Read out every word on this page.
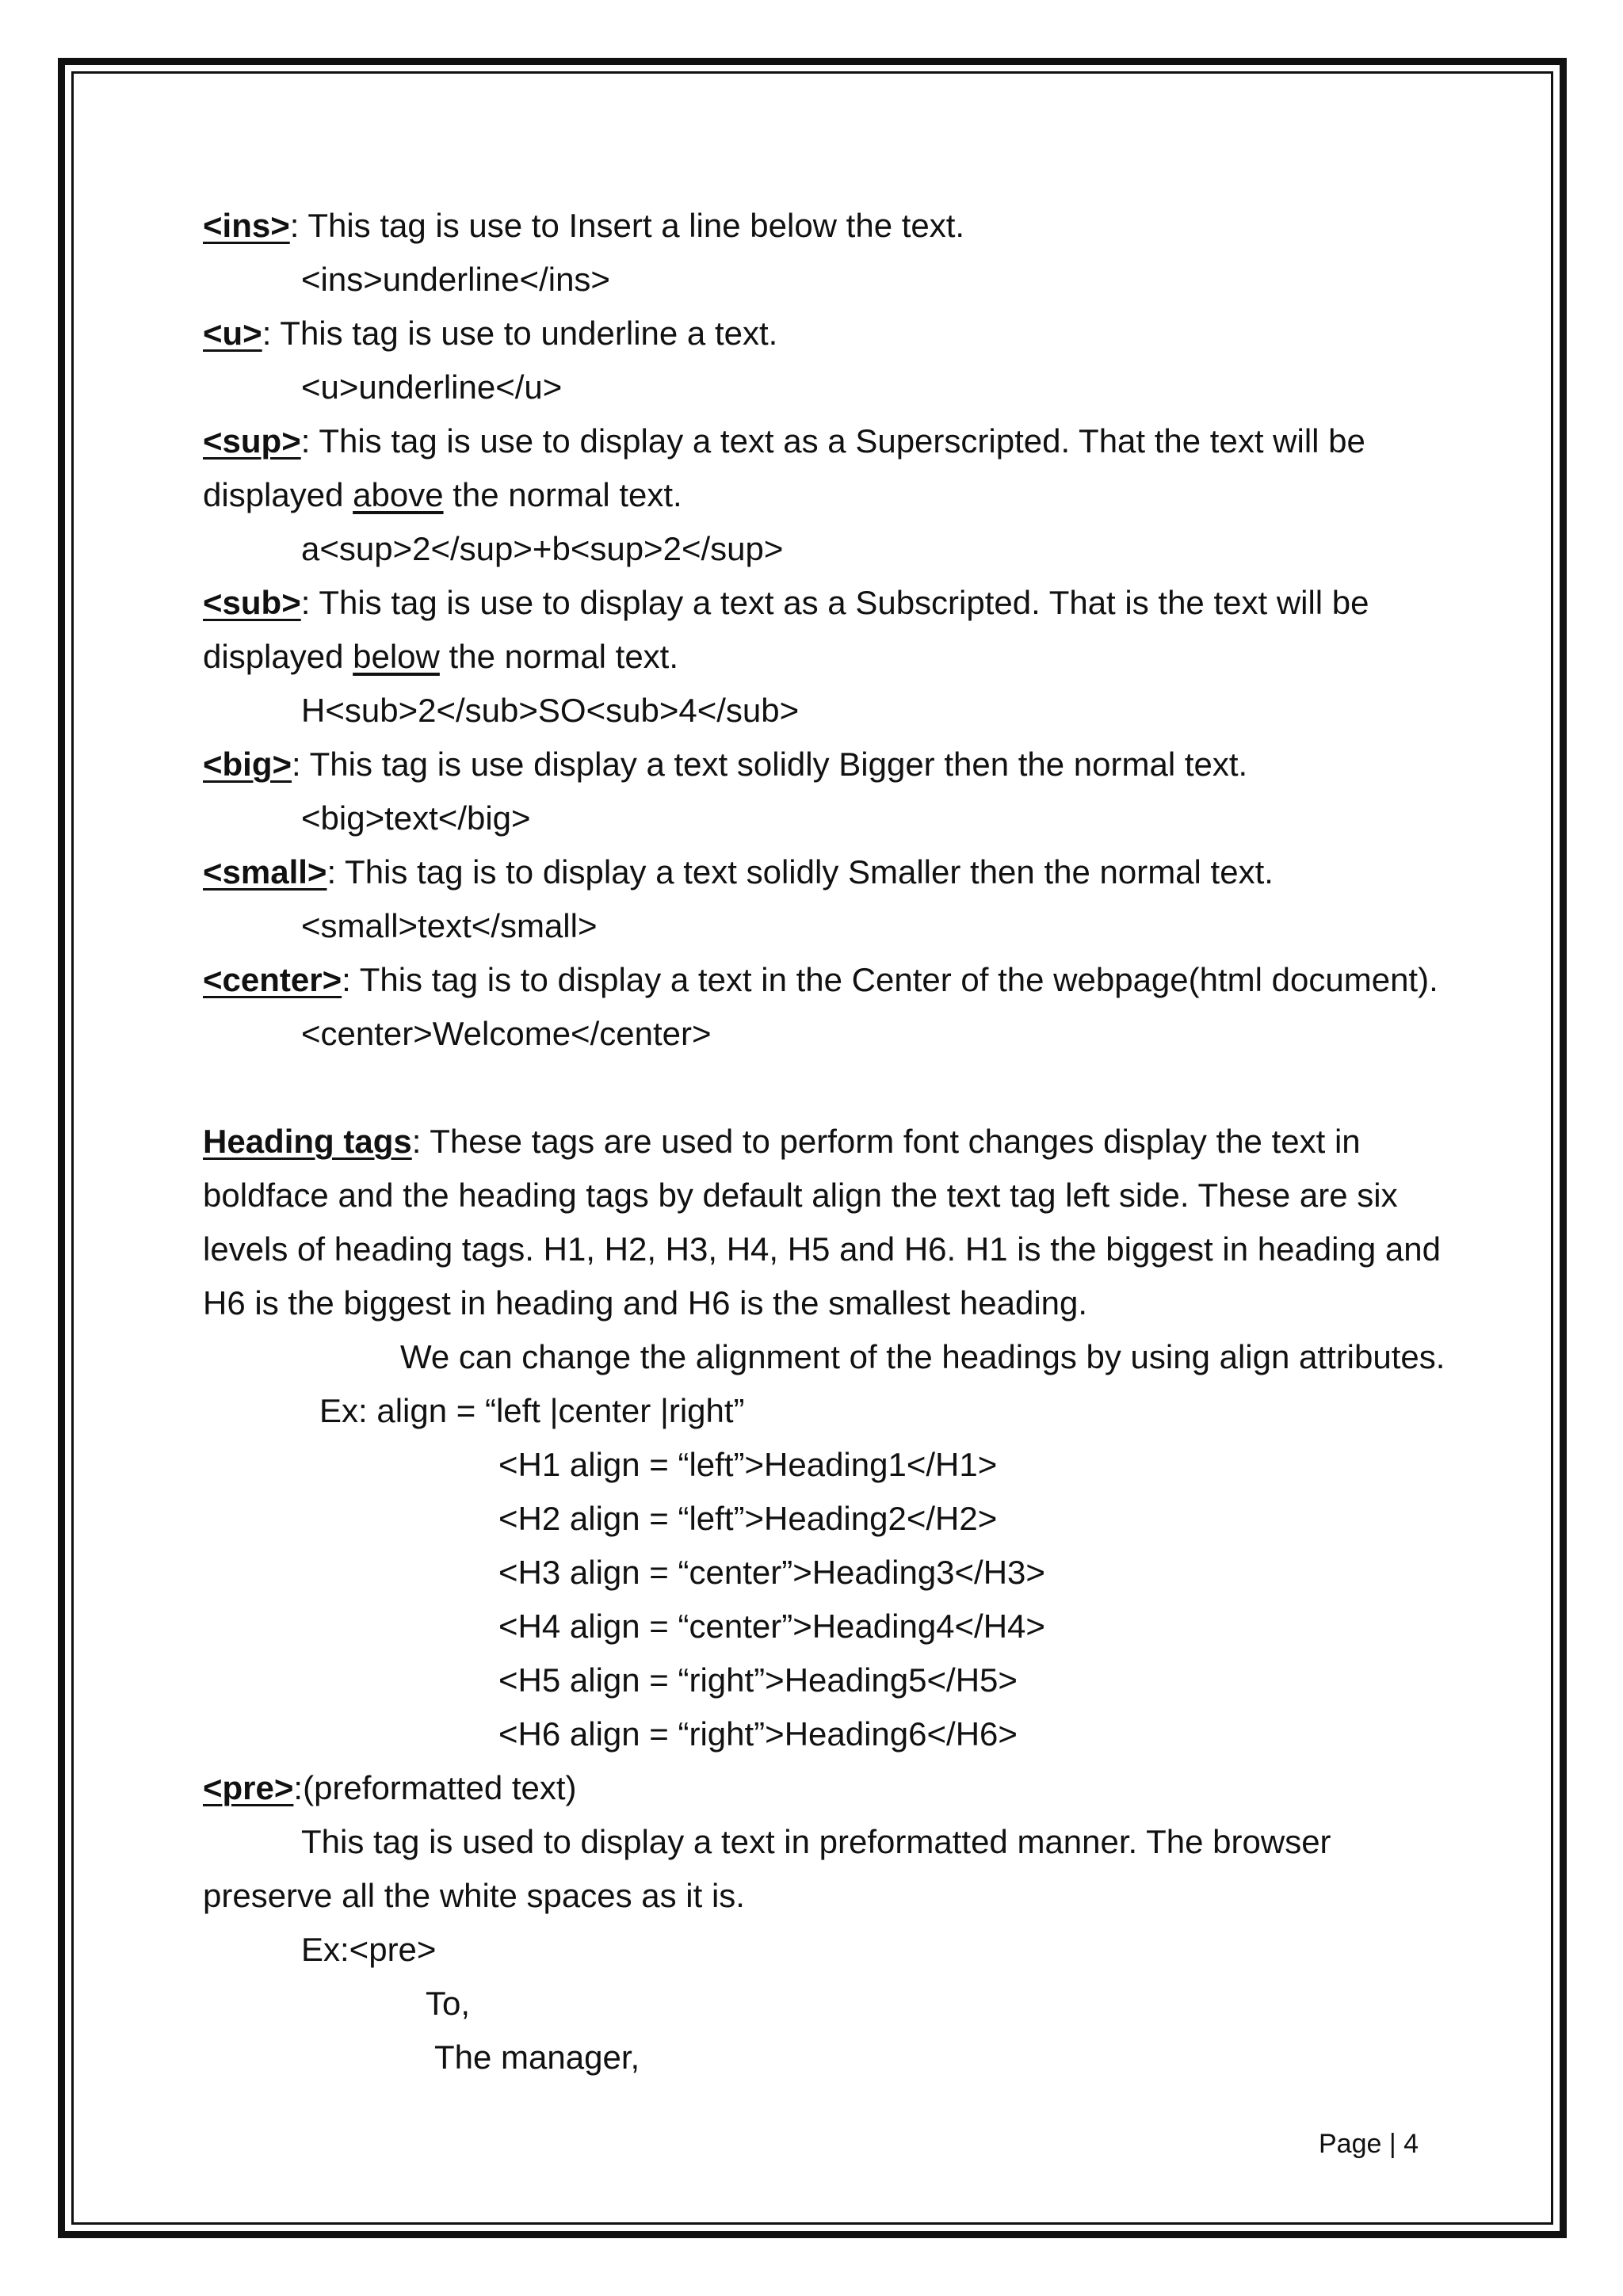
<ins>: This tag is use to Insert a line below the text.
<ins>underline</ins>
<u>: This tag is use to underline a text.
<u>underline</u>
<sup>: This tag is use to display a text as a Superscripted. That the text will be
displayed above the normal text.
a<sup>2</sup>+b<sup>2</sup>
<sub>: This tag is use to display a text as a Subscripted. That is the text will be
displayed below the normal text.
H<sub>2</sub>SO<sub>4</sub>
<big>: This tag is use display a text solidly Bigger then the normal text.
<big>text</big>
<small>: This tag is to display a text solidly Smaller then the normal text.
<small>text</small>
<center>: This tag is to display a text in the Center of the webpage(html document).
<center>Welcome</center>
Heading tags: These tags are used to perform font changes display the text in
boldface and the heading tags by default align the text tag left side. These are six
levels of heading tags. H1, H2, H3, H4, H5 and H6. H1 is the biggest in heading and
H6 is the biggest in heading and H6 is the smallest heading.
We can change the alignment of the headings by using align attributes.
Ex: align = “left |center |right”
<H1 align = “left”>Heading1</H1>
<H2 align = “left”>Heading2</H2>
<H3 align = “center”>Heading3</H3>
<H4 align = “center”>Heading4</H4>
<H5 align = “right”>Heading5</H5>
<H6 align = “right”>Heading6</H6>
<pre>:(preformatted text)
This tag is used to display a text in preformatted manner. The browser
preserve all the white spaces as it is.
Ex:<pre>
To,
The manager,
Page | 4
